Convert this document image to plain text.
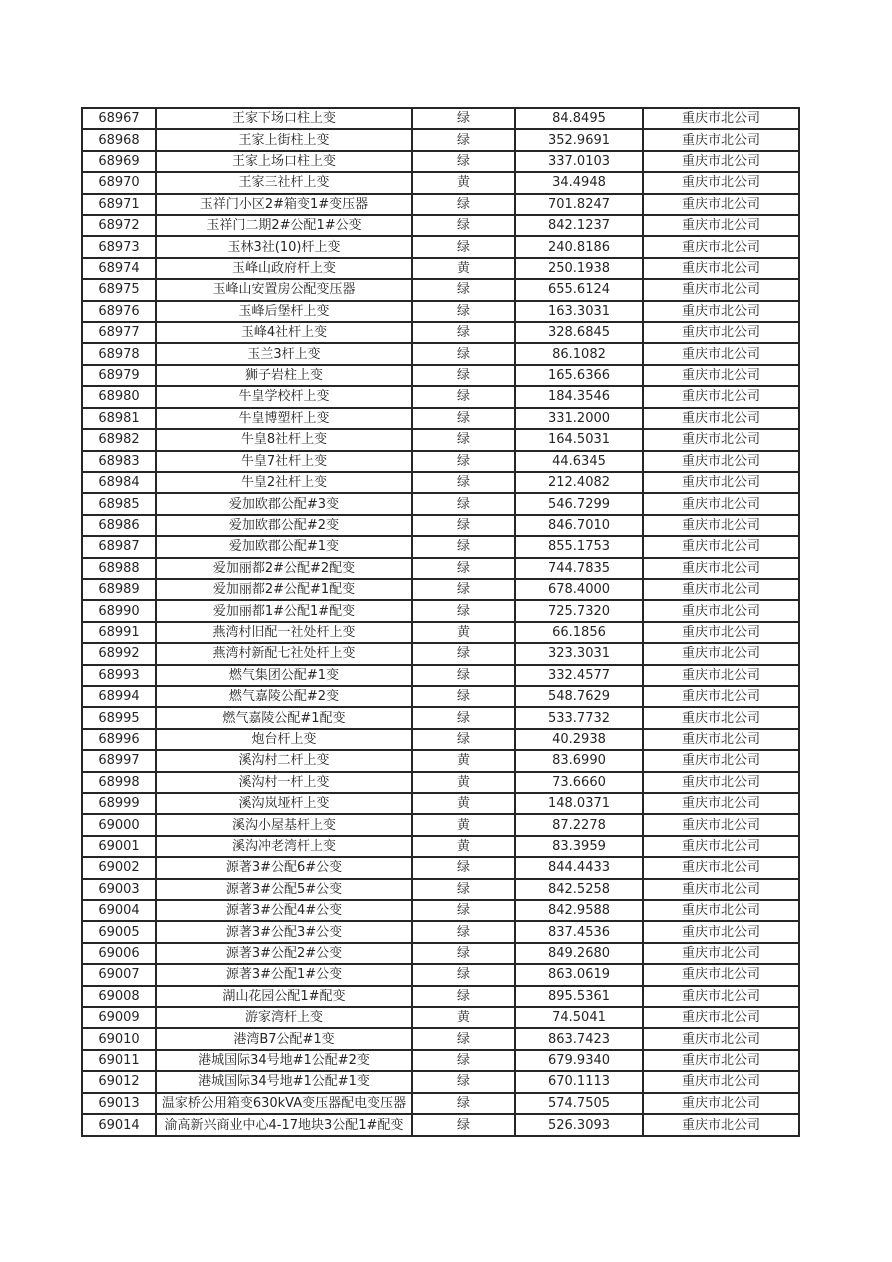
68967	王家下场口柱上变	绿	84.8495	重庆市北公司
68968	王家上街柱上变	绿	352.9691	重庆市北公司
68969	王家上场口柱上变	绿	337.0103	重庆市北公司
68970	王家三社杆上变	黄	34.4948	重庆市北公司
68971	玉祥门小区2#箱变1#变压器	绿	701.8247	重庆市北公司
68972	玉祥门二期2#公配1#公变	绿	842.1237	重庆市北公司
68973	玉林3社(10)杆上变	绿	240.8186	重庆市北公司
68974	玉峰山政府杆上变	黄	250.1938	重庆市北公司
68975	玉峰山安置房公配变压器	绿	655.6124	重庆市北公司
68976	玉峰后堡杆上变	绿	163.3031	重庆市北公司
68977	玉峰4社杆上变	绿	328.6845	重庆市北公司
68978	玉兰3杆上变	绿	86.1082	重庆市北公司
68979	狮子岩柱上变	绿	165.6366	重庆市北公司
68980	牛皇学校杆上变	绿	184.3546	重庆市北公司
68981	牛皇博塑杆上变	绿	331.2000	重庆市北公司
68982	牛皇8社杆上变	绿	164.5031	重庆市北公司
68983	牛皇7社杆上变	绿	44.6345	重庆市北公司
68984	牛皇2社杆上变	绿	212.4082	重庆市北公司
68985	爱加欧郡公配#3变	绿	546.7299	重庆市北公司
68986	爱加欧郡公配#2变	绿	846.7010	重庆市北公司
68987	爱加欧郡公配#1变	绿	855.1753	重庆市北公司
68988	爱加丽都2#公配#2配变	绿	744.7835	重庆市北公司
68989	爱加丽都2#公配#1配变	绿	678.4000	重庆市北公司
68990	爱加丽都1#公配1#配变	绿	725.7320	重庆市北公司
68991	燕湾村旧配一社处杆上变	黄	66.1856	重庆市北公司
68992	燕湾村新配七社处杆上变	绿	323.3031	重庆市北公司
68993	燃气集团公配#1变	绿	332.4577	重庆市北公司
68994	燃气嘉陵公配#2变	绿	548.7629	重庆市北公司
68995	燃气嘉陵公配#1配变	绿	533.7732	重庆市北公司
68996	炮台杆上变	绿	40.2938	重庆市北公司
68997	溪沟村二杆上变	黄	83.6990	重庆市北公司
68998	溪沟村一杆上变	黄	73.6660	重庆市北公司
68999	溪沟岚垭杆上变	黄	148.0371	重庆市北公司
69000	溪沟小屋基杆上变	黄	87.2278	重庆市北公司
69001	溪沟冲老湾杆上变	黄	83.3959	重庆市北公司
69002	源著3#公配6#公变	绿	844.4433	重庆市北公司
69003	源著3#公配5#公变	绿	842.5258	重庆市北公司
69004	源著3#公配4#公变	绿	842.9588	重庆市北公司
69005	源著3#公配3#公变	绿	837.4536	重庆市北公司
69006	源著3#公配2#公变	绿	849.2680	重庆市北公司
69007	源著3#公配1#公变	绿	863.0619	重庆市北公司
69008	湖山花园公配1#配变	绿	895.5361	重庆市北公司
69009	游家湾杆上变	黄	74.5041	重庆市北公司
69010	港湾B7公配#1变	绿	863.7423	重庆市北公司
69011	港城国际34号地#1公配#2变	绿	679.9340	重庆市北公司
69012	港城国际34号地#1公配#1变	绿	670.1113	重庆市北公司
69013	温家桥公用箱变630kVA变压器配电变压器	绿	574.7505	重庆市北公司
69014	渝高新兴商业中心4-17地块3公配1#配变	绿	526.3093	重庆市北公司
